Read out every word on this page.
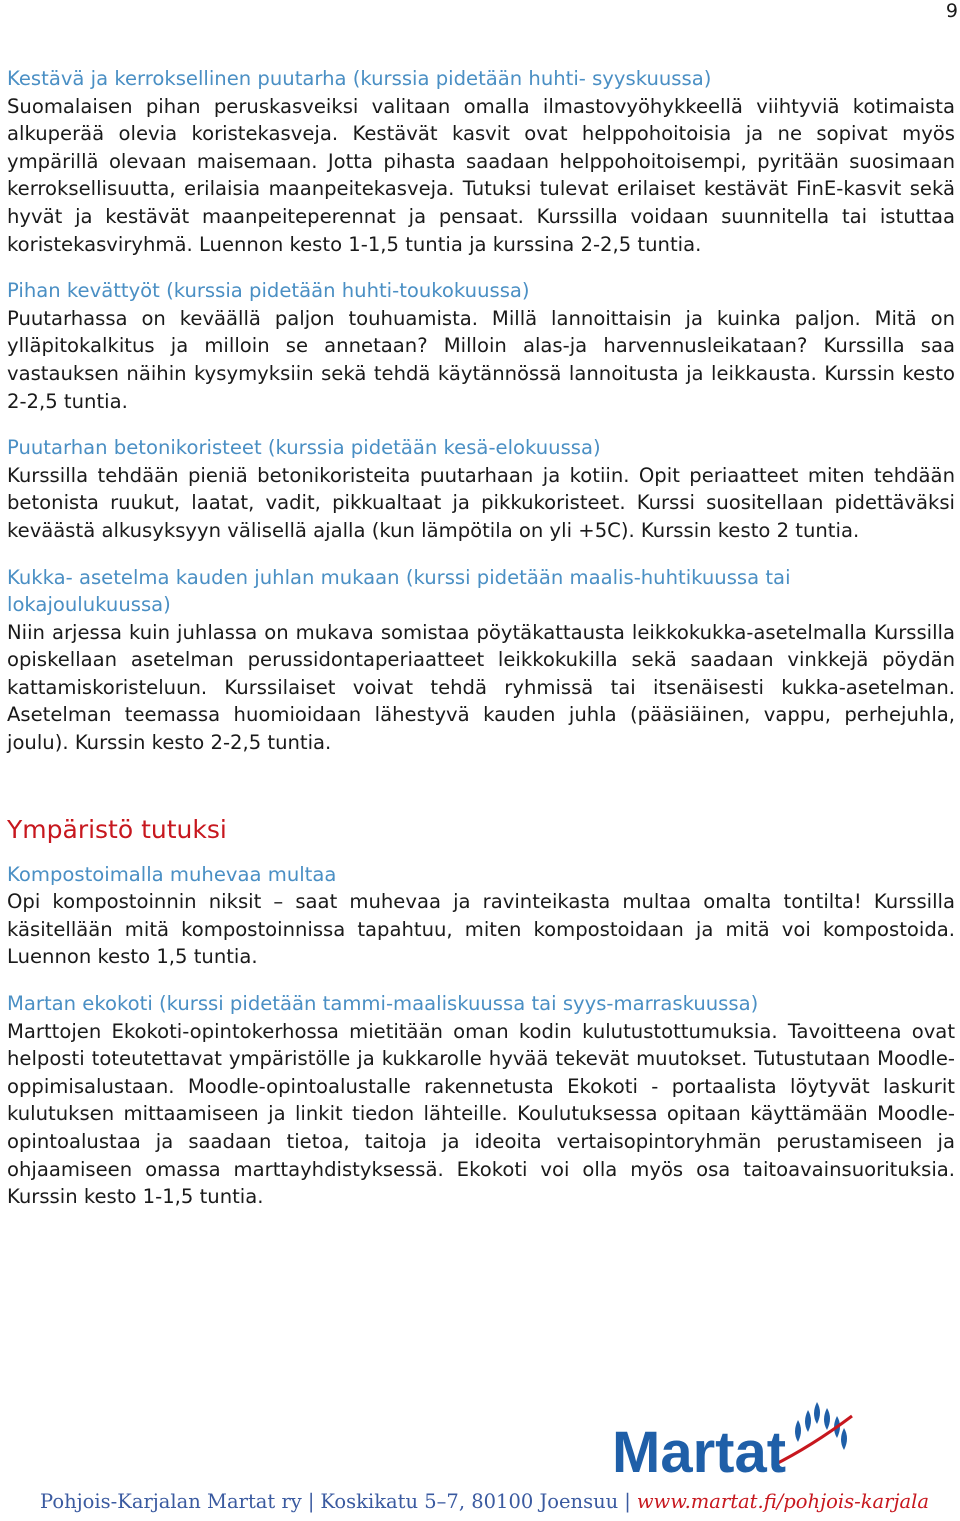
9
Kestävä ja kerroksellinen puutarha (kurssia pidetään huhti- syyskuussa)

Suomalaisen pihan peruskasveiksi valitaan omalla ilmastovyöhykkeellä viihtyviä kotimaista alkuperää olevia koristekasveja. Kestävät kasvit ovat helppohoitoisia ja ne sopivat myös ympärillä olevaan maisemaan. Jotta pihasta saadaan helppohoitoisempi, pyritään suosimaan kerroksellisuutta, erilaisia maanpeitekasveja. Tutuksi tulevat erilaiset kestävät FinE-kasvit sekä hyvät ja kestävät maanpeiteperennat ja pensaat. Kurssilla voidaan suunnitella tai istuttaa koristekasviryhmä. Luennon kesto 1-1,5 tuntia ja kurssina 2-2,5 tuntia.

Pihan kevättyöt (kurssia pidetään huhti-toukokuussa)

Puutarhassa on keväällä paljon touhuamista. Millä lannoittaisin ja kuinka paljon. Mitä on ylläpitokalkitus ja milloin se annetaan? Milloin alas-ja harvennusleikataan? Kurssilla saa vastauksen näihin kysymyksiin sekä tehdä käytännössä lannoitusta ja leikkausta. Kurssin kesto 2-2,5 tuntia.

Puutarhan betonikoristeet (kurssia pidetään kesä-elokuussa)

Kurssilla tehdään pieniä betonikoristeita puutarhaan ja kotiin. Opit periaatteet miten tehdään betonista ruukut, laatat, vadit, pikkualtaat ja pikkukoristeet. Kurssi suositellaan pidettäväksi keväästä alkusyksyyn välisellä ajalla (kun lämpötila on yli +5C). Kurssin kesto 2 tuntia.

Kukka- asetelma kauden juhlan mukaan (kurssi pidetään maalis-huhtikuussa tai lokajoulukuussa)

Niin arjessa kuin juhlassa on mukava somistaa pöytäkattausta leikkokukka-asetelmalla Kurssilla opiskellaan asetelman perussidontaperiaatteet leikkokukilla sekä saadaan vinkkejä pöydän kattamiskoristeluun. Kurssilaiset voivat tehdä ryhmissä tai itsenäisesti kukka-asetelman. Asetelman teemassa huomioidaan lähestyvä kauden juhla (pääsiäinen, vappu, perhejuhla, joulu). Kurssin kesto 2-2,5 tuntia.

Ympäristö tutuksi
Kompostoimalla muhevaa multaa

Opi kompostoinnin niksit – saat muhevaa ja ravinteikasta multaa omalta tontilta! Kurssilla käsitellään mitä kompostoinnissa tapahtuu, miten kompostoidaan ja mitä voi kompostoida. Luennon kesto 1,5 tuntia.

Martan ekokoti (kurssi pidetään tammi-maaliskuussa tai syys-marraskuussa)

Marttojen Ekokoti-opintokerhossa mietitään oman kodin kulutustottumuksia. Tavoitteena ovat helposti toteutettavat ympäristölle ja kukkarolle hyvää tekevät muutokset. Tutustutaan Moodle-oppimisalustaan. Moodle-opintoalustalle rakennetusta Ekokoti - portaalista löytyvät laskurit kulutuksen mittaamiseen ja linkit tiedon lähteille. Koulutuksessa opitaan käyttämään Moodle-opintoalustaa ja saadaan tietoa, taitoja ja ideoita vertaisopintoryhmän perustamiseen ja ohjaamiseen omassa marttayhdistyksessä. Ekokoti voi olla myös osa taitoavainsuorituksia. Kurssin kesto 1-1,5 tuntia.

Martat
Pohjois-Karjalan Martat ry | Koskikatu 5–7, 80100 Joensuu | www.martat.fi/pohjois-karjala
